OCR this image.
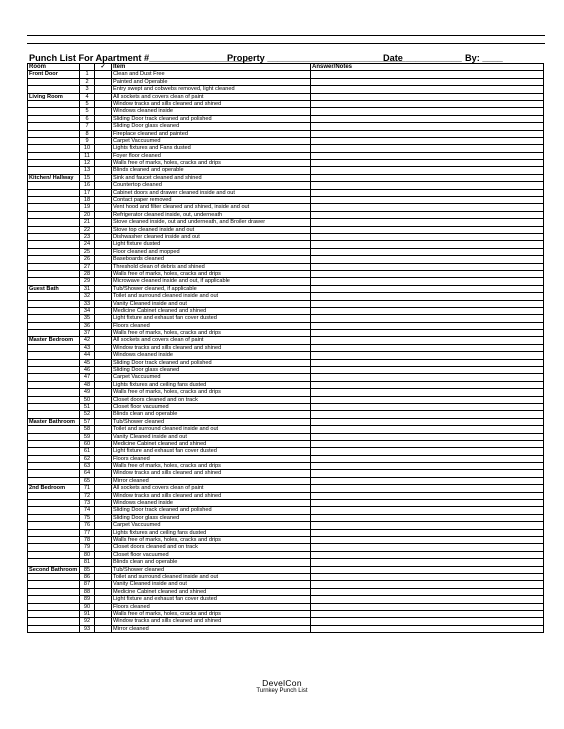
Punch List For Apartment #____________________
Property ___________________________
Date ___________ By: ____
Room		✓	Item	Answer/Notes
Front Door	1		Clean and Dust Free	
	2		Painted and Operable	
	3		Entry swept and cobwebs removed, light cleaned	
Living Room	4		All sockets and covers clean of paint	
	5		Window tracks and sills cleaned and shined	
	5		Windows cleaned inside	
	6		Sliding Door track cleaned and polished	
	7		Sliding Door glass cleaned	
	8		Fireplace cleaned and painted	
	9		Carpet Vaccuumed	
	10		Lights fixtures and Fans dusted	
	11		Foyer floor cleaned	
	12		Walls free of marks, holes, cracks and drips	
	13		Blinds cleaned and operable	
Kitchen/ Hallway	15		Sink and faucet cleaned and shined	
	16		Countertop cleaned	
	17		Cabinet doors and drawer cleaned inside and out	
	18		Contact paper removed	
	19		Vent hood and filter cleaned and shined, inside and out	
	20		Refrigerator cleaned inside, out, underneath	
	21		Stove cleaned inside, out and underneath, and Broiler drawer	
	22		Stove top cleaned inside and out	
	23		Dishwasher cleaned inside and out	
	24		Light fixture dusted	
	25		Floor cleaned and mopped	
	26		Baseboards cleaned	
	27		Threshold clean of debris and shined	
	28		Walls free of marks, holes, cracks and drips	
	29		Microwave cleaned inside and out, if applicable	
Guest Bath	31		Tub/Shower cleaned, if applicable	
	32		Toilet and surround cleaned inside and out	
	33		Vanity Cleaned inside and out	
	34		Medicine Cabinet cleaned and shined	
	35		Light fixture and exhaust fan cover dusted	
	36		Floors cleaned	
	37		Walls free of marks, holes, cracks and drips	
Master Bedroom	42		All sockets and covers clean of paint	
	43		Window tracks and sills cleaned and shined	
	44		Windows cleaned inside	
	45		Sliding Door track cleaned and polished	
	46		Sliding Door glass cleaned	
	47		Carpet Vaccuumed	
	48		Lights fixtures and ceiling fans dusted	
	49		Walls free of marks, holes, cracks and drips	
	50		Closet doors cleaned and on track	
	51		Closet floor vacuumed	
	52		Blinds clean and operable	
Master Bathroom	57		Tub/Shower cleaned	
	58		Toilet and surround cleaned inside and out	
	59		Vanity Cleaned inside and out	
	60		Medicine Cabinet cleaned and shined	
	61		Light fixture and exhaust fan cover dusted	
	62		Floors cleaned	
	63		Walls free of marks, holes, cracks and drips	
	64		Window tracks and sills cleaned and shined	
	65		Mirror cleaned	
2nd Bedroom	71		All sockets and covers clean of paint	
	72		Window tracks and sills cleaned and shined	
	73		Windows cleaned inside	
	74		Sliding Door track cleaned and polished	
	75		Sliding Door glass cleaned	
	76		Carpet Vaccuumed	
	77		Lights fixtures and ceiling fans dusted	
	78		Walls free of marks, holes, cracks and drips	
	79		Closet doors cleaned and on track	
	80		Closet floor vacuumed	
	81		Blinds clean and operable	
Second Bathroom	85		Tub/Shower cleaned	
	86		Toilet and surround cleaned inside and out	
	87		Vanity Cleaned inside and out	
	88		Medicine Cabinet cleaned and shined	
	89		Light fixture and exhaust fan cover dusted	
	90		Floors cleaned	
	91		Walls free of marks, holes, cracks and drips	
	92		Window tracks and sills cleaned and shined	
	93		Mirror cleaned	
DevelCon
Turnkey Punch List
